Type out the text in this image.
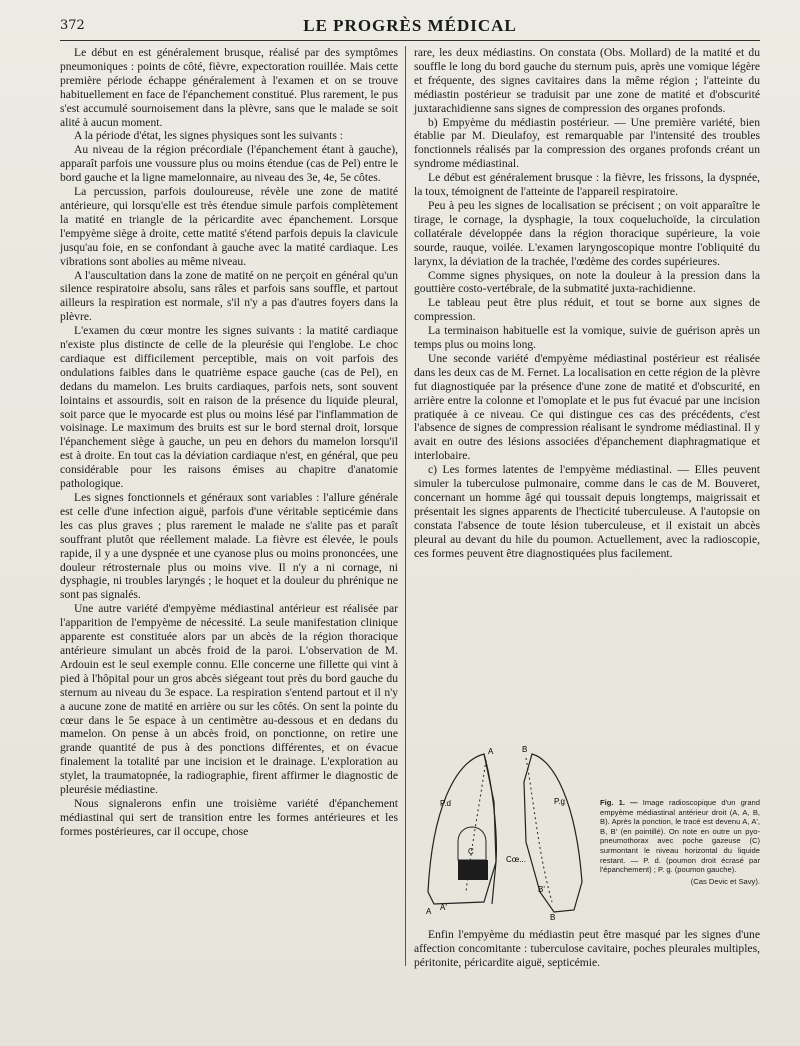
372	LE PROGRÈS MÉDICAL

Le début en est généralement brusque, réalisé par des symptômes pneumoniques : points de côté, fièvre, expectoration rouillée. Mais cette première période échappe généralement à l'examen et on se trouve habituellement en face de l'épanchement constitué. Plus rarement, le pus s'est accumulé sournoisement dans la plèvre, sans que le malade se soit alité à aucun moment.

A la période d'état, les signes physiques sont les suivants :

Au niveau de la région précordiale (l'épanchement étant à gauche), apparaît parfois une voussure plus ou moins étendue (cas de Pel) entre le bord gauche et la ligne mamelonnaire, au niveau des 3e, 4e, 5e côtes.

La percussion, parfois douloureuse, révèle une zone de matité antérieure, qui lorsqu'elle est très étendue simule parfois complètement la matité en triangle de la péricardite avec épanchement. Lorsque l'empyème siège à droite, cette matité s'étend parfois depuis la clavicule jusqu'au foie, en se confondant à gauche avec la matité cardiaque. Les vibrations sont abolies au même niveau.

A l'auscultation dans la zone de matité on ne perçoit en général qu'un silence respiratoire absolu, sans râles et parfois sans souffle, et partout ailleurs la respiration est normale, s'il n'y a pas d'autres foyers dans la plèvre.

L'examen du cœur montre les signes suivants : la matité cardiaque n'existe plus distincte de celle de la pleurésie qui l'englobe. Le choc cardiaque est difficilement perceptible, mais on voit parfois des ondulations faibles dans le quatrième espace gauche (cas de Pel), en dedans du mamelon. Les bruits cardiaques, parfois nets, sont souvent lointains et assourdis, soit en raison de la présence du liquide pleural, soit parce que le myocarde est plus ou moins lésé par l'inflammation de voisinage. Le maximum des bruits est sur le bord sternal droit, lorsque l'épanchement siège à gauche, un peu en dehors du mamelon lorsqu'il est à droite. En tout cas la déviation cardiaque n'est, en général, que peu considérable pour les raisons émises au chapitre d'anatomie pathologique.

Les signes fonctionnels et généraux sont variables : l'allure générale est celle d'une infection aiguë, parfois d'une véritable septicémie dans les cas plus graves ; plus rarement le malade ne s'alite pas et paraît souffrant plutôt que réellement malade. La fièvre est élevée, le pouls rapide, il y a une dyspnée et une cyanose plus ou moins prononcées, une douleur rétrosternale plus ou moins vive. Il n'y a ni cornage, ni dysphagie, ni troubles laryngés ; le hoquet et la douleur du phrénique ne sont pas signalés.

Une autre variété d'empyème médiastinal antérieur est réalisée par l'apparition de l'empyème de nécessité. La seule manifestation clinique apparente est constituée alors par un abcès de la région thoracique antérieure simulant un abcès froid de la paroi. L'observation de M. Ardouin est le seul exemple connu. Elle concerne une fillette qui vint à pied à l'hôpital pour un gros abcès siégeant tout près du bord gauche du sternum au niveau du 3e espace. La respiration s'entend partout et il n'y a aucune zone de matité en arrière ou sur les côtés. On sent la pointe du cœur dans le 5e espace à un centimètre au-dessous et en dedans du mamelon. On pense à un abcès froid, on ponctionne, on retire une grande quantité de pus à des ponctions différentes, et on évacue finalement la totalité par une incision et le drainage. L'exploration au stylet, la traumatopnée, la radiographie, firent affirmer le diagnostic de pleurésie médiastine.

Nous signalerons enfin une troisième variété d'épanchement médiastinal qui sert de transition entre les formes antérieures et les formes postérieures, car il occupe, chose

rare, les deux médiastins. On constata (Obs. Mollard) de la matité et du souffle le long du bord gauche du sternum puis, après une vomique légère et fréquente, des signes cavitaires dans la même région ; l'atteinte du médiastin postérieur se traduisit par une zone de matité et d'obscurité juxtarachidienne sans signes de compression des organes profonds.

b) Empyème du médiastin postérieur. — Une première variété, bien établie par M. Dieulafoy, est remarquable par l'intensité des troubles fonctionnels réalisés par la compression des organes profonds créant un syndrome médiastinal.

Le début est généralement brusque : la fièvre, les frissons, la dyspnée, la toux, témoignent de l'atteinte de l'appareil respiratoire.

Peu à peu les signes de localisation se précisent ; on voit apparaître le tirage, le cornage, la dysphagie, la toux coqueluchoïde, la circulation collatérale développée dans la région thoracique supérieure, la voie sourde, rauque, voilée. L'examen laryngoscopique montre l'obliquité du larynx, la déviation de la trachée, l'œdème des cordes supérieures.

Comme signes physiques, on note la douleur à la pression dans la gouttière costo-vertébrale, de la submatité juxta-rachidienne.

Le tableau peut être plus réduit, et tout se borne aux signes de compression.

La terminaison habituelle est la vomique, suivie de guérison après un temps plus ou moins long.

Une seconde variété d'empyème médiastinal postérieur est réalisée dans les deux cas de M. Fernet. La localisation en cette région de la plèvre fut diagnostiquée par la présence d'une zone de matité et d'obscurité, en arrière entre la colonne et l'omoplate et le pus fut évacué par une incision pratiquée à ce niveau. Ce qui distingue ces cas des précédents, c'est l'absence de signes de compression réalisant le syndrome médiastinal. Il y avait en outre des lésions associées d'épanchement diaphragmatique et interlobaire.

c) Les formes latentes de l'empyème médiastinal. — Elles peuvent simuler la tuberculose pulmonaire, comme dans le cas de M. Bouveret, concernant un homme âgé qui toussait depuis longtemps, maigrissait et présentait les signes apparents de l'hecticité tuberculeuse. A l'autopsie on constata l'absence de toute lésion tuberculeuse, et il existait un abcès pleural au devant du hile du poumon. Actuellement, avec la radioscopie, ces formes peuvent être diagnostiquées plus facilement.

A	B
P.d	P.g
C
Cœ...
A A'
B'
B
Fig. 1. — Image radioscopique d'un grand empyème médiastinal antérieur droit (A, A, B, B). Après la ponction, le tracé est devenu A, A', B, B' (en pointillé). On note en outre un pyo-pneumothorax avec poche gazeuse (C) surmontant le niveau horizontal du liquide restant. — P. d. (poumon droit écrasé par l'épanchement) ; P. g. (poumon gauche).
(Cas Devic et Savy).

Enfin l'empyème du médiastin peut être masqué par les signes d'une affection concomitante : tuberculose cavitaire, poches pleurales multiples, péritonite, péricardite aiguë, septicémie.
